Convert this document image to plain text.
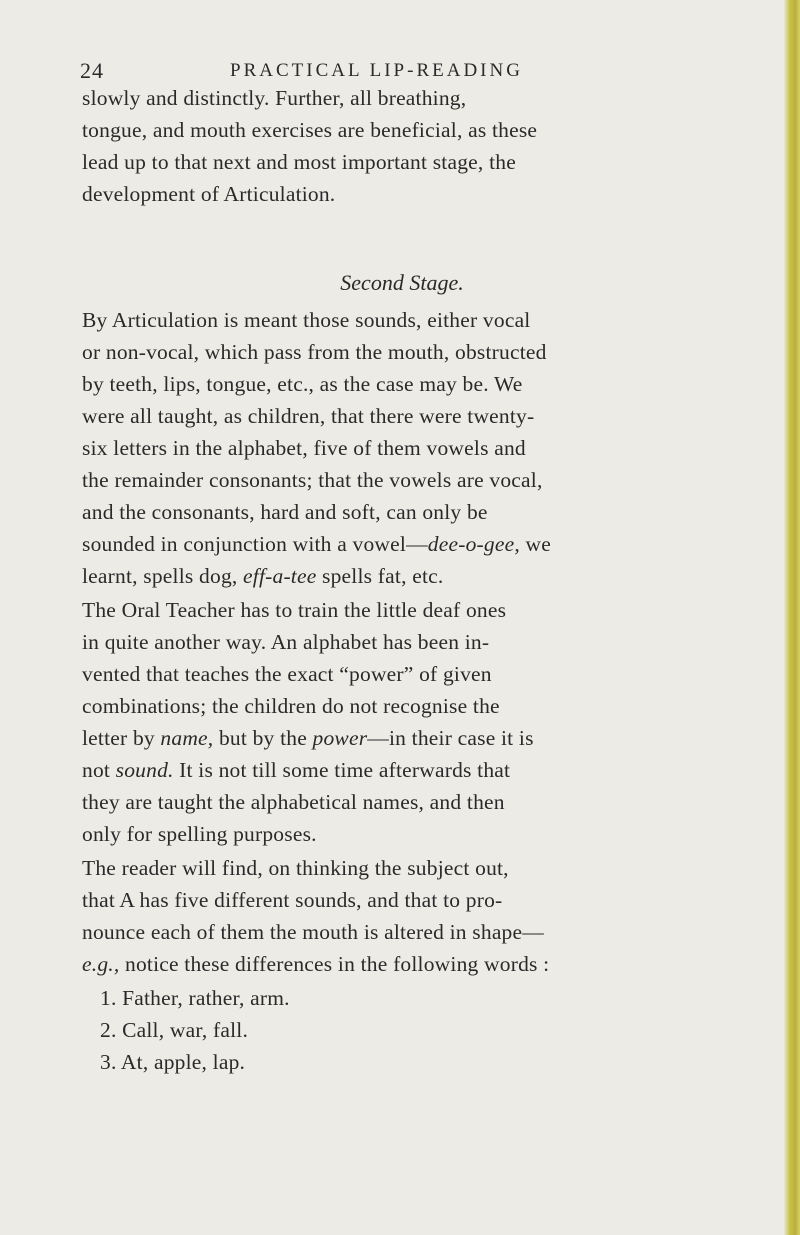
24	PRACTICAL LIP-READING
slowly and distinctly. Further, all breathing,
tongue, and mouth exercises are beneficial, as these
lead up to that next and most important stage, the
development of Articulation.
Second Stage.
By Articulation is meant those sounds, either vocal
or non-vocal, which pass from the mouth, obstructed
by teeth, lips, tongue, etc., as the case may be. We
were all taught, as children, that there were twenty-
six letters in the alphabet, five of them vowels and
the remainder consonants; that the vowels are vocal,
and the consonants, hard and soft, can only be
sounded in conjunction with a vowel—dee-o-gee, we
learnt, spells dog, eff-a-tee spells fat, etc.
The Oral Teacher has to train the little deaf ones
in quite another way. An alphabet has been in-
vented that teaches the exact “power” of given
combinations; the children do not recognise the
letter by name, but by the power—in their case it is
not sound. It is not till some time afterwards that
they are taught the alphabetical names, and then
only for spelling purposes.
The reader will find, on thinking the subject out,
that A has five different sounds, and that to pro-
nounce each of them the mouth is altered in shape—
e.g., notice these differences in the following words :
1. Father, rather, arm.
2. Call, war, fall.
3. At, apple, lap.
